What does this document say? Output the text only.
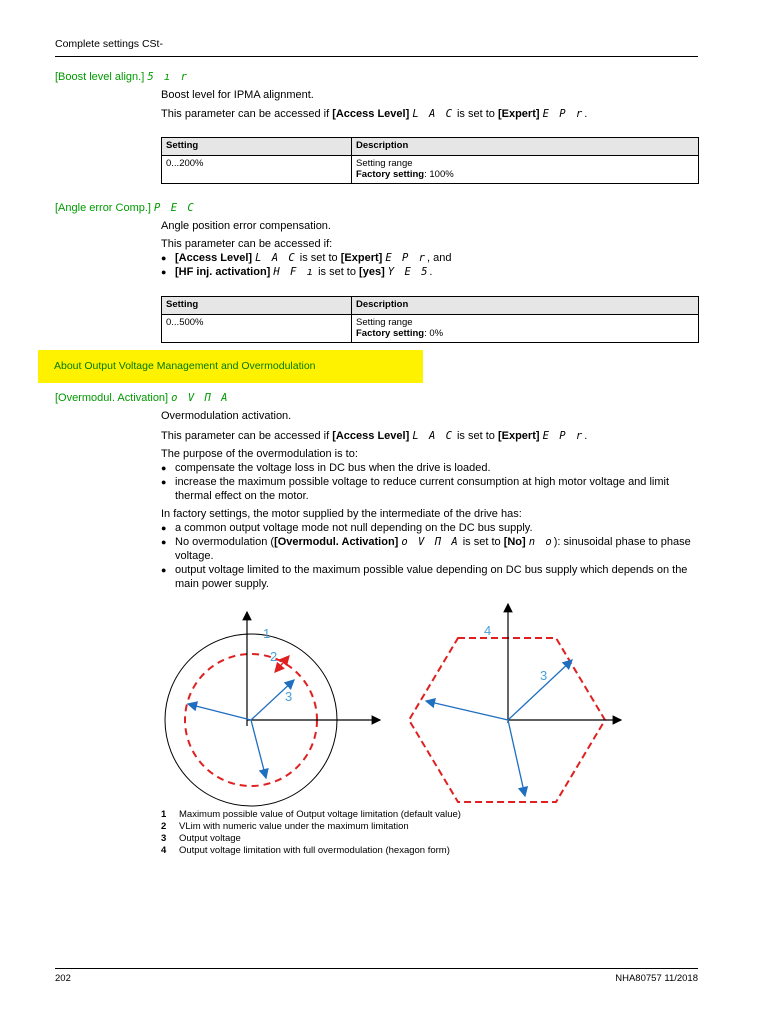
Complete settings CSt-
[Boost level align.] 5 ı r
Boost level for IPMA alignment.
This parameter can be accessed if [Access Level] L A C is set to [Expert] E P r.
Setting	Description
0...200%	Setting range
Factory setting: 100%
[Angle error Comp.] P E C
Angle position error compensation.
This parameter can be accessed if:
● [Access Level] L A C is set to [Expert] E P r, and
● [HF inj. activation] H F ı is set to [yes] Y E 5.
Setting	Description
0...500%	Setting range
Factory setting: 0%
About Output Voltage Management and Overmodulation
[Overmodul. Activation] o V П A
Overmodulation activation.
This parameter can be accessed if [Access Level] L A C is set to [Expert] E P r.
The purpose of the overmodulation is to:
● compensate the voltage loss in DC bus when the drive is loaded.
● increase the maximum possible voltage to reduce current consumption at high motor voltage and limit thermal effect on the motor.
In factory settings, the motor supplied by the intermediate of the drive has:
● a common output voltage mode not null depending on the DC bus supply.
● No overmodulation ([Overmodul. Activation] o V П A is set to [No] n o): sinusoidal phase to phase voltage.
● output voltage limited to the maximum possible value depending on DC bus supply which depends on the main power supply.
1
2
3
4
3
1 Maximum possible value of Output voltage limitation (default value)
2 VLim with numeric value under the maximum limitation
3 Output voltage
4 Output voltage limitation with full overmodulation (hexagon form)
202	NHA80757 11/2018
